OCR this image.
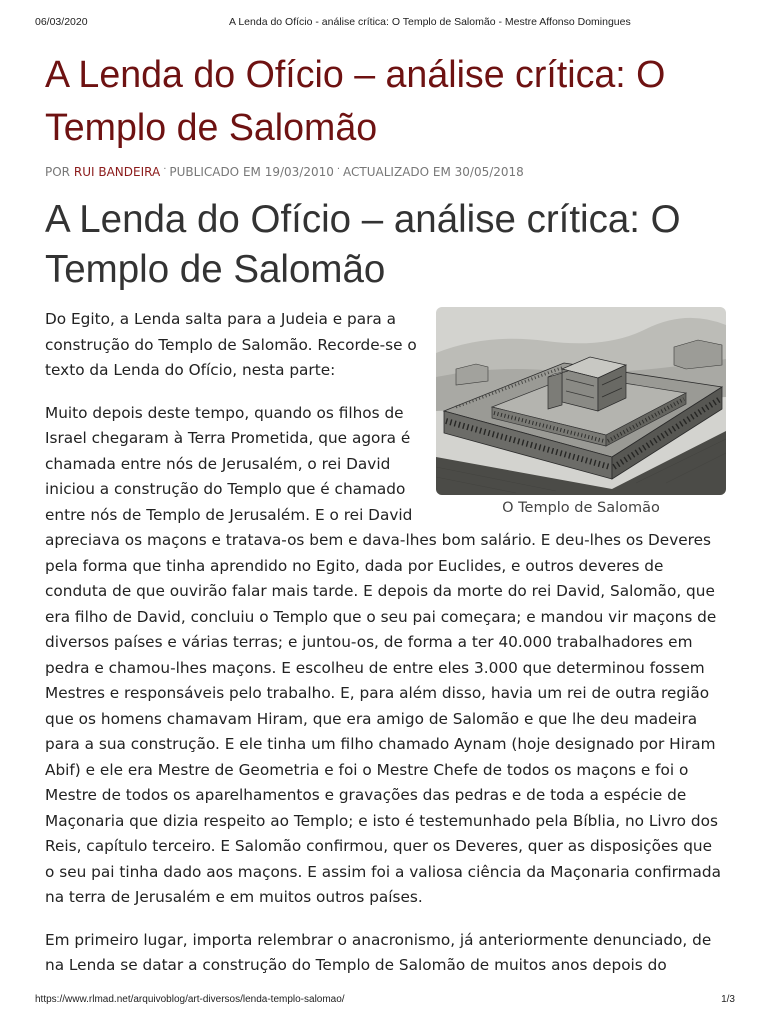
06/03/2020	A Lenda do Ofício - análise crítica: O Templo de Salomão - Mestre Affonso Domingues
A Lenda do Ofício – análise crítica: O Templo de Salomão
POR RUI BANDEIRA · PUBLICADO EM 19/03/2010 · ACTUALIZADO EM 30/05/2018
A Lenda do Ofício – análise crítica: O Templo de Salomão

Do Egito, a Lenda salta para a Judeia e para a
construção do Templo de Salomão. Recorde-se o
texto da Lenda do Ofício, nesta parte:

Muito depois deste tempo, quando os filhos de
Israel chegaram à Terra Prometida, que agora é
chamada entre nós de Jerusalém, o rei David
iniciou a construção do Templo que é chamado
entre nós de Templo de Jerusalém. E o rei David
apreciava os maçons e tratava-os bem e dava-lhes bom salário. E deu-lhes os Deveres
pela forma que tinha aprendido no Egito, dada por Euclides, e outros deveres de
conduta de que ouvirão falar mais tarde. E depois da morte do rei David, Salomão, que
era filho de David, concluiu o Templo que o seu pai começara; e mandou vir maçons de
diversos países e várias terras; e juntou-os, de forma a ter 40.000 trabalhadores em
pedra e chamou-lhes maçons. E escolheu de entre eles 3.000 que determinou fossem
Mestres e responsáveis pelo trabalho. E, para além disso, havia um rei de outra região
que os homens chamavam Hiram, que era amigo de Salomão e que lhe deu madeira
para a sua construção. E ele tinha um filho chamado Aynam (hoje designado por Hiram
Abif) e ele era Mestre de Geometria e foi o Mestre Chefe de todos os maçons e foi o
Mestre de todos os aparelhamentos e gravações das pedras e de toda a espécie de
Maçonaria que dizia respeito ao Templo; e isto é testemunhado pela Bíblia, no Livro dos
Reis, capítulo terceiro. E Salomão confirmou, quer os Deveres, quer as disposições que
o seu pai tinha dado aos maçons. E assim foi a valiosa ciência da Maçonaria confirmada
na terra de Jerusalém e em muitos outros países.

Em primeiro lugar, importa relembrar o anacronismo, já anteriormente denunciado, de
na Lenda se datar a construção do Templo de Salomão de muitos anos depois do

O Templo de Salomão
https://www.rlmad.net/arquivoblog/art-diversos/lenda-templo-salomao/	1/3
